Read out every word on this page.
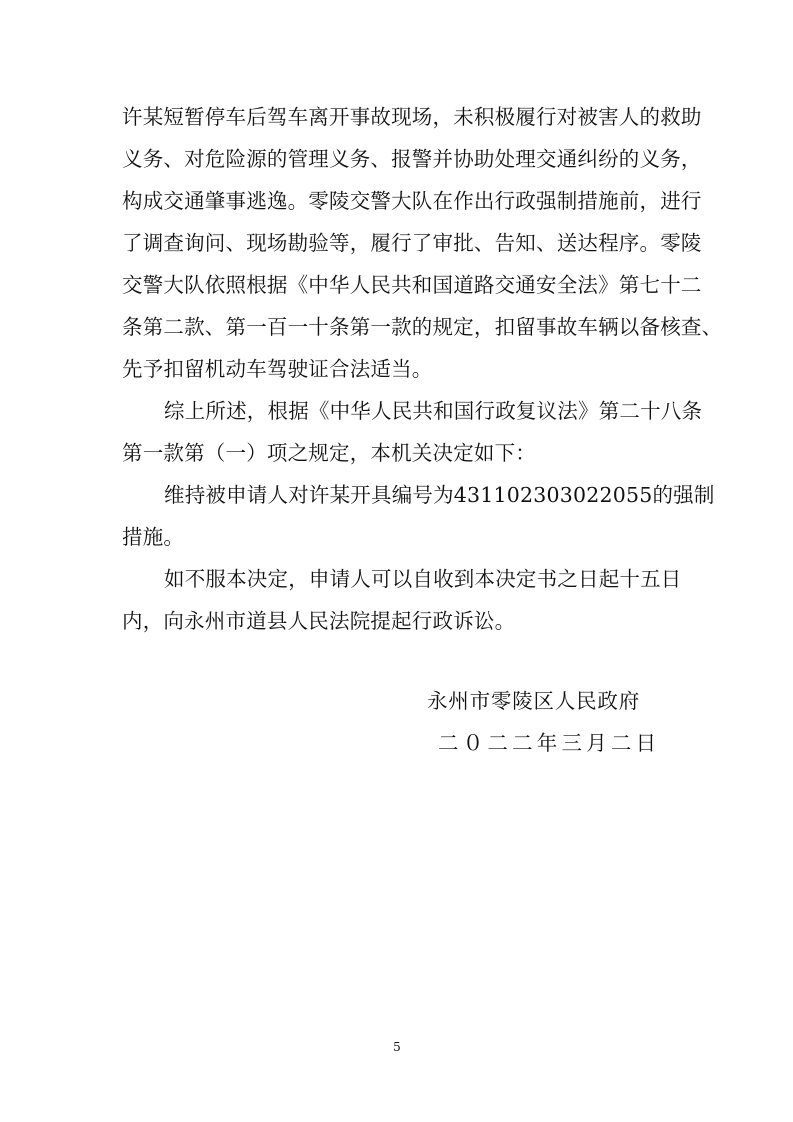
许某短暂停车后驾车离开事故现场，未积极履行对被害人的救助
义务、对危险源的管理义务、报警并协助处理交通纠纷的义务，
构成交通肇事逃逸。零陵交警大队在作出行政强制措施前，进行
了调查询问、现场勘验等，履行了审批、告知、送达程序。零陵
交警大队依照根据《中华人民共和国道路交通安全法》第七十二
条第二款、第一百一十条第一款的规定，扣留事故车辆以备核查、
先予扣留机动车驾驶证合法适当。
综上所述，根据《中华人民共和国行政复议法》第二十八条
第一款第（一）项之规定，本机关决定如下：
维持被申请人对许某开具编号为431102303022055的强制
措施。
如不服本决定，申请人可以自收到本决定书之日起十五日
内，向永州市道县人民法院提起行政诉讼。
永州市零陵区人民政府
二０二二年三月二日
5
